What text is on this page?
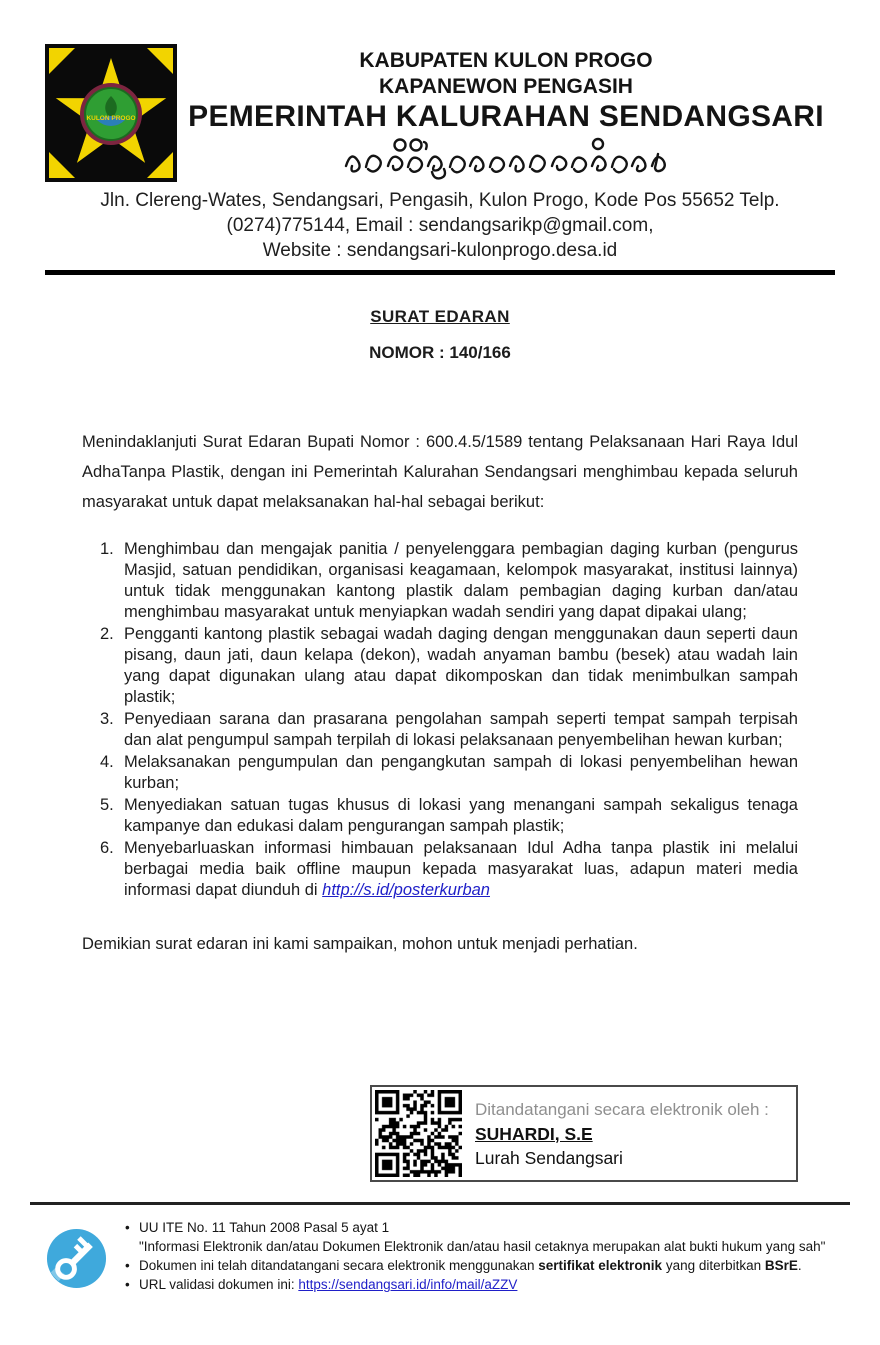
KULON PROGO
KABUPATEN KULON PROGO
KAPANEWON PENGASIH
PEMERINTAH KALURAHAN SENDANGSARI
Jln. Clereng-Wates, Sendangsari, Pengasih, Kulon Progo, Kode Pos 55652 Telp.
(0274)775144, Email : sendangsarikp@gmail.com,
Website : sendangsari-kulonprogo.desa.id
SURAT EDARAN
NOMOR : 140/166

Menindaklanjuti Surat Edaran Bupati Nomor : 600.4.5/1589 tentang Pelaksanaan Hari Raya Idul AdhaTanpa Plastik, dengan ini Pemerintah Kalurahan Sendangsari menghimbau kepada seluruh masyarakat untuk dapat melaksanakan hal-hal sebagai berikut:

1. Menghimbau dan mengajak panitia / penyelenggara pembagian daging kurban (pengurus Masjid, satuan pendidikan, organisasi keagamaan, kelompok masyarakat, institusi lainnya) untuk tidak menggunakan kantong plastik dalam pembagian daging kurban dan/atau menghimbau masyarakat untuk menyiapkan wadah sendiri yang dapat dipakai ulang;
2. Pengganti kantong plastik sebagai wadah daging dengan menggunakan daun seperti daun pisang, daun jati, daun kelapa (dekon), wadah anyaman bambu (besek) atau wadah lain yang dapat digunakan ulang atau dapat dikomposkan dan tidak menimbulkan sampah plastik;
3. Penyediaan sarana dan prasarana pengolahan sampah seperti tempat sampah terpisah dan alat pengumpul sampah terpilah di lokasi pelaksanaan penyembelihan hewan kurban;
4. Melaksanakan pengumpulan dan pengangkutan sampah di lokasi penyembelihan hewan kurban;
5. Menyediakan satuan tugas khusus di lokasi yang menangani sampah sekaligus tenaga kampanye dan edukasi dalam pengurangan sampah plastik;
6. Menyebarluaskan informasi himbauan pelaksanaan Idul Adha tanpa plastik ini melalui berbagai media baik offline maupun kepada masyarakat luas, adapun materi media informasi dapat diunduh di http://s.id/posterkurban

Demikian surat edaran ini kami sampaikan, mohon untuk menjadi perhatian.

Ditandatangani secara elektronik oleh :
SUHARDI, S.E
Lurah Sendangsari
• UU ITE No. 11 Tahun 2008 Pasal 5 ayat 1
"Informasi Elektronik dan/atau Dokumen Elektronik dan/atau hasil cetaknya merupakan alat bukti hukum yang sah"
• Dokumen ini telah ditandatangani secara elektronik menggunakan sertifikat elektronik yang diterbitkan BSrE.
• URL validasi dokumen ini: https://sendangsari.id/info/mail/aZZV
